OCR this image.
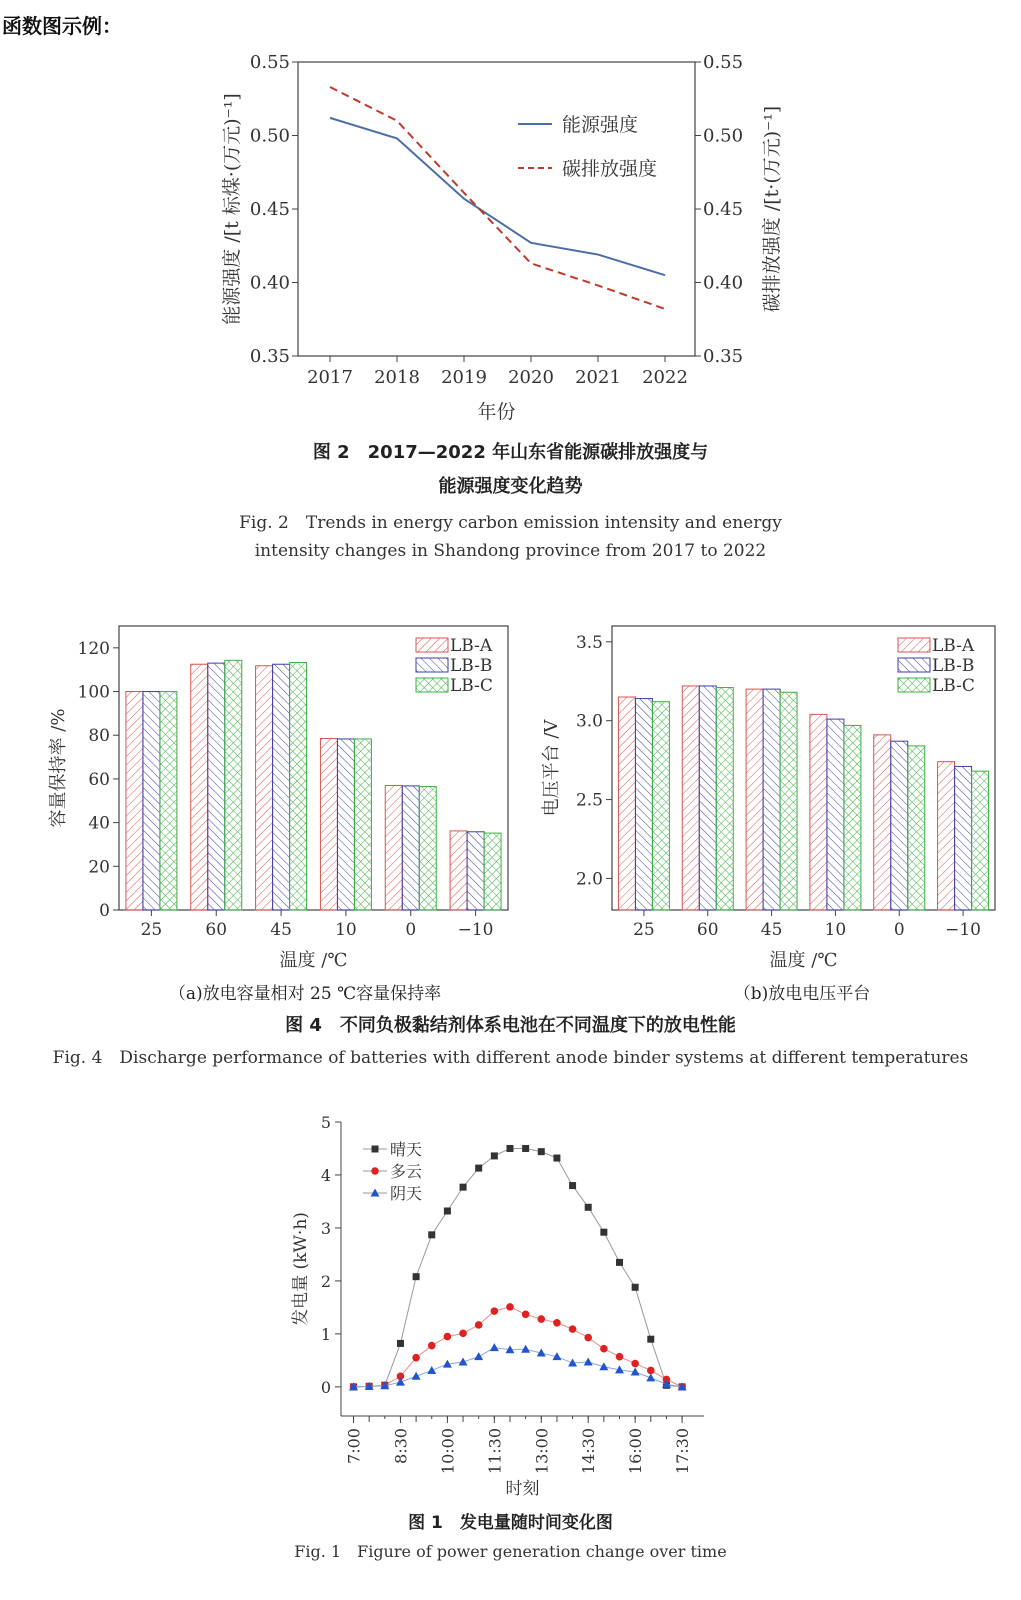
函数图示例：
0.35	0.35
0.40	0.40
0.45	0.45
0.50	0.50
0.55	0.55
2017 2018 2019 2020 2021 2022
年份
能源强度 /[t 标煤·(万元)⁻¹]	碳排放强度 /[t·(万元)⁻¹]
能源强度
碳排放强度
图 2　2017—2022 年山东省能源碳排放强度与
能源强度变化趋势
Fig. 2　Trends in energy carbon emission intensity and energy
intensity changes in Shandong province from 2017 to 2022
0
20
40
60
80
100
120
25	60	45	10	0 −10
温度 /℃
容量保持率 /%
LB-A
LB-B
LB-C
2.0
2.5
3.0
3.5
25 60 45 10	0 −10
温度 /℃
电压平台 /V
LB-A
LB-B
LB-C
（a)放电容量相对 25 ℃容量保持率	（b)放电电压平台
图 4　不同负极黏结剂体系电池在不同温度下的放电性能
Fig. 4　Discharge performance of batteries with different anode binder systems at different temperatures
0
1
2
3
4
5
7:00 8:30 10:00 11:30 13:00 14:30 16:00 17:30
时刻
发电量 (kW·h)
晴天
多云
阴天
图 1　发电量随时间变化图
Fig. 1　Figure of power generation change over time
